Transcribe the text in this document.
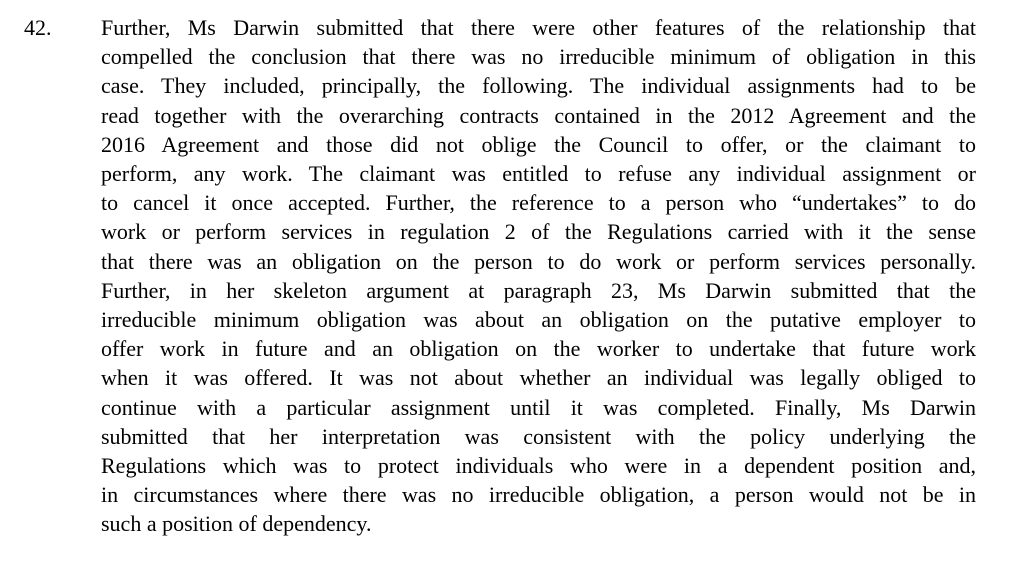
42. Further, Ms Darwin submitted that there were other features of the relationship that
compelled the conclusion that there was no irreducible minimum of obligation in this
case. They included, principally, the following. The individual assignments had to be
read together with the overarching contracts contained in the 2012 Agreement and the
2016 Agreement and those did not oblige the Council to offer, or the claimant to
perform, any work. The claimant was entitled to refuse any individual assignment or
to cancel it once accepted. Further, the reference to a person who “undertakes” to do
work or perform services in regulation 2 of the Regulations carried with it the sense
that there was an obligation on the person to do work or perform services personally.
Further, in her skeleton argument at paragraph 23, Ms Darwin submitted that the
irreducible minimum obligation was about an obligation on the putative employer to
offer work in future and an obligation on the worker to undertake that future work
when it was offered. It was not about whether an individual was legally obliged to
continue with a particular assignment until it was completed. Finally, Ms Darwin
submitted that her interpretation was consistent with the policy underlying the
Regulations which was to protect individuals who were in a dependent position and,
in circumstances where there was no irreducible obligation, a person would not be in
such a position of dependency.
